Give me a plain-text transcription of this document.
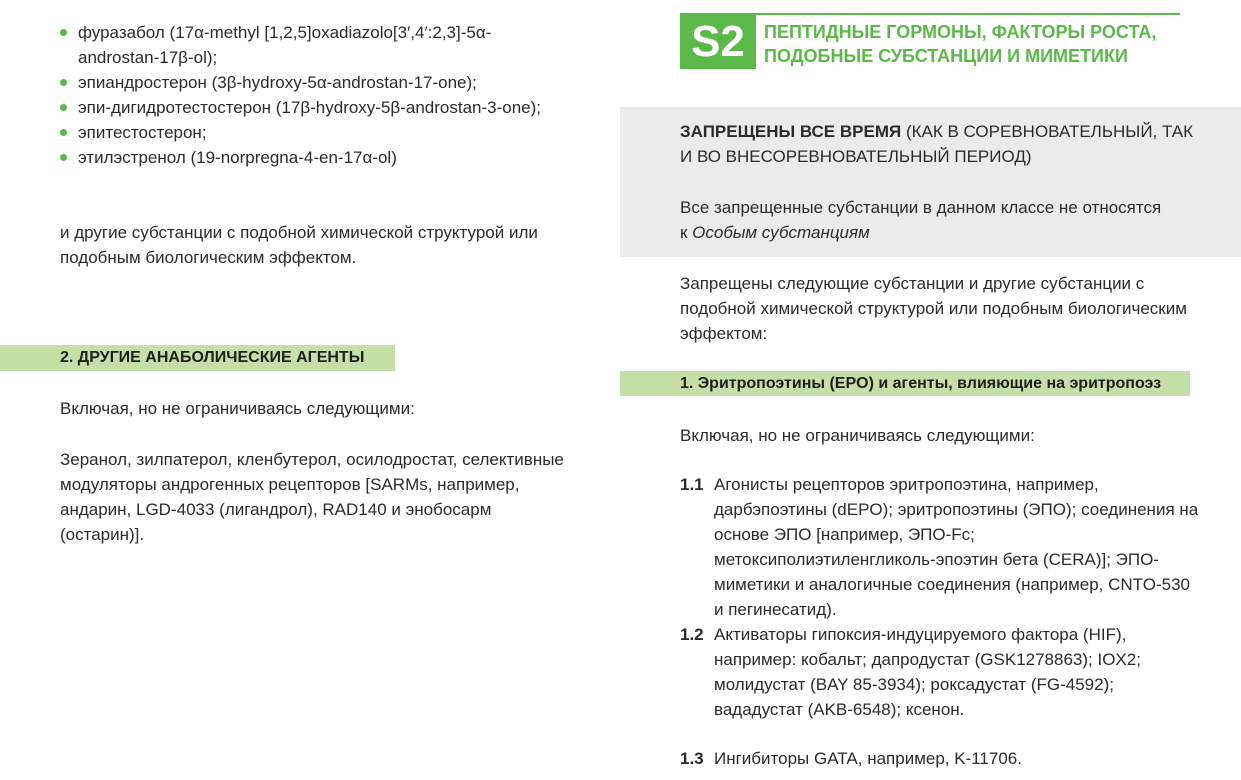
фуразабол (17α-methyl [1,2,5]oxadiazolo[3′,4′:2,3]-5α-androstan-17β-ol);
эпиандростерон (3β-hydroxy-5α-androstan-17-one);
эпи-дигидротестостерон (17β-hydroxy-5β-androstan-3-one);
эпитестостерон;
этилэстренол (19-norpregna-4-en-17α-ol)

и другие субстанции с подобной химической структурой или подобным биологическим эффектом.

2. ДРУГИЕ АНАБОЛИЧЕСКИЕ АГЕНТЫ

Включая, но не ограничиваясь следующими:

Зеранол, зилпатерол, кленбутерол, осилодростат, селективные модуляторы андрогенных рецепторов [SARMs, например, андарин, LGD-4033 (лигандрол), RAD140 и энобосарм (остарин)].

S2	ПЕПТИДНЫЕ ГОРМОНЫ, ФАКТОРЫ РОСТА, ПОДОБНЫЕ СУБСТАНЦИИ И МИМЕТИКИ

ЗАПРЕЩЕНЫ ВСЕ ВРЕМЯ (КАК В СОРЕВНОВАТЕЛЬНЫЙ, ТАК И ВО ВНЕСОРЕВНОВАТЕЛЬНЫЙ ПЕРИОД)

Все запрещенные субстанции в данном классе не относятся
к Особым субстанциям

Запрещены следующие субстанции и другие субстанции с подобной химической структурой или подобным биологическим эффектом:

1. Эритропоэтины (EPO) и агенты, влияющие на эритропоэз

Включая, но не ограничиваясь следующими:

1.1 Агонисты рецепторов эритропоэтина, например, дарбэпоэтины (dEPO); эритропоэтины (ЭПО); соединения на основе ЭПО [например, ЭПО-Fc; метоксиполиэтиленгликоль-эпоэтин бета (CERA)]; ЭПО-миметики и аналогичные соединения (например, CNTO-530 и пегинесатид).
1.2 Активаторы гипоксия-индуцируемого фактора (HIF), например: кобальт; дапродустат (GSK1278863); IOX2; молидустат (BAY 85-3934); роксадустат (FG-4592); вададустат (AKB-6548); ксенон.
1.3 Ингибиторы GATA, например, K-11706.
